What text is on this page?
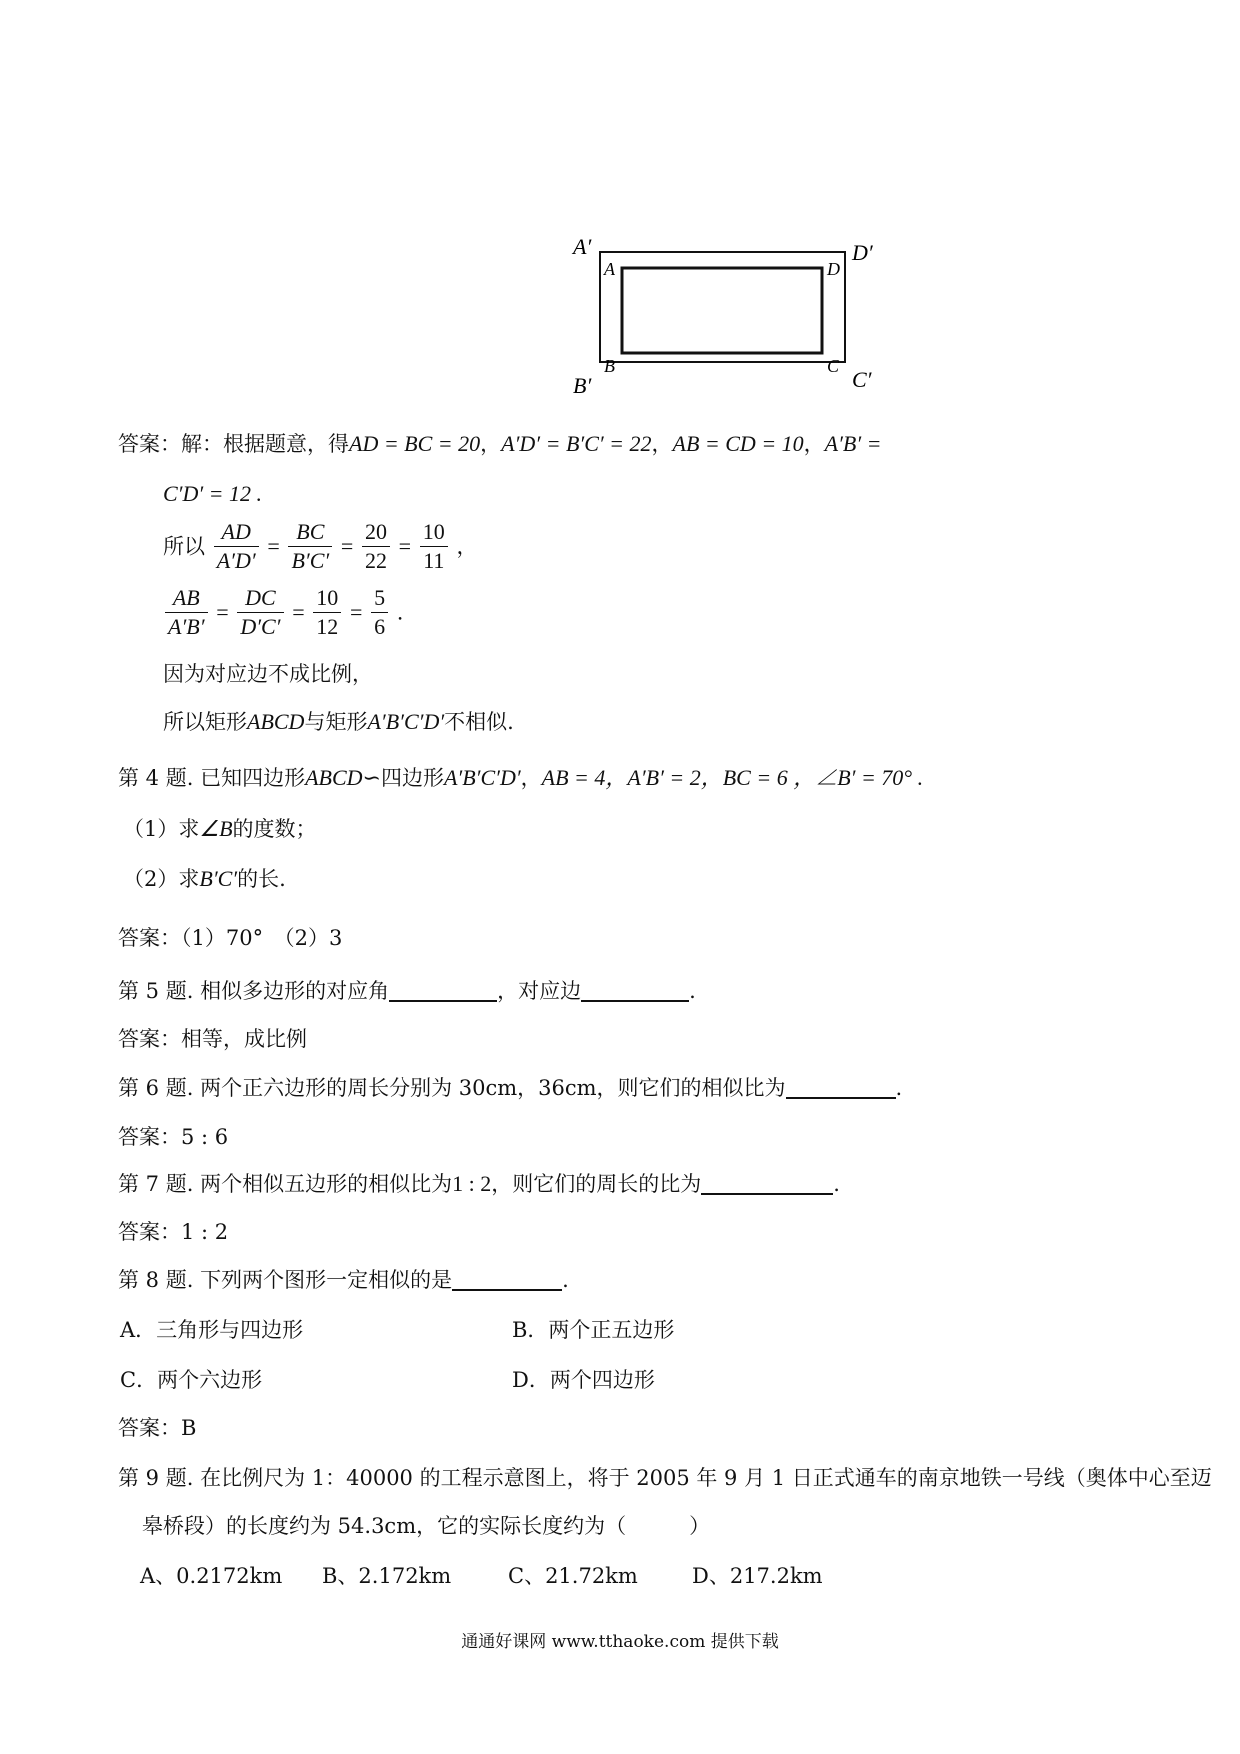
A′	D′
B′	C′
A	D
B	C
答案：解：根据题意，得AD = BC = 20，A′D′ = B′C′ = 22，AB = CD = 10，A′B′ =
C′D′ = 12 .
所以 $\frac{AD}{A'D'} = \frac{BC}{B'C'} = \frac{20}{22} = \frac{10}{11}$ ，
$\frac{AB}{A'B'} = \frac{DC}{D'C'} = \frac{10}{12} = \frac{5}{6}$ .
因为对应边不成比例，
所以矩形ABCD与矩形A′B′C′D′不相似.
第 4 题. 已知四边形ABCD∽四边形A′B′C′D′，AB = 4，A′B′ = 2，BC = 6 ，∠B′ = 70° .
（1）求∠B的度数；
（2）求B′C′的长.
答案：（1）70°　（2）3
第 5 题. 相似多边形的对应角	，对应边	.
答案：相等，成比例
第 6 题. 两个正六边形的周长分别为 30cm，36cm，则它们的相似比为	.
答案：5 : 6
第 7 题. 两个相似五边形的相似比为1 : 2，则它们的周长的比为	.
答案：1 : 2
第 8 题. 下列两个图形一定相似的是	.
A．三角形与四边形	B．两个正五边形
C．两个六边形	D．两个四边形
答案：B
第 9 题. 在比例尺为 1：40000 的工程示意图上，将于 2005 年 9 月 1 日正式通车的南京地铁一号线（奥体中心至迈
皋桥段）的长度约为 54.3cm，它的实际长度约为（　　　）
A、0.2172km B、2.172km	C、21.72km	D、217.2km
通通好课网 www.tthaoke.com 提供下载
